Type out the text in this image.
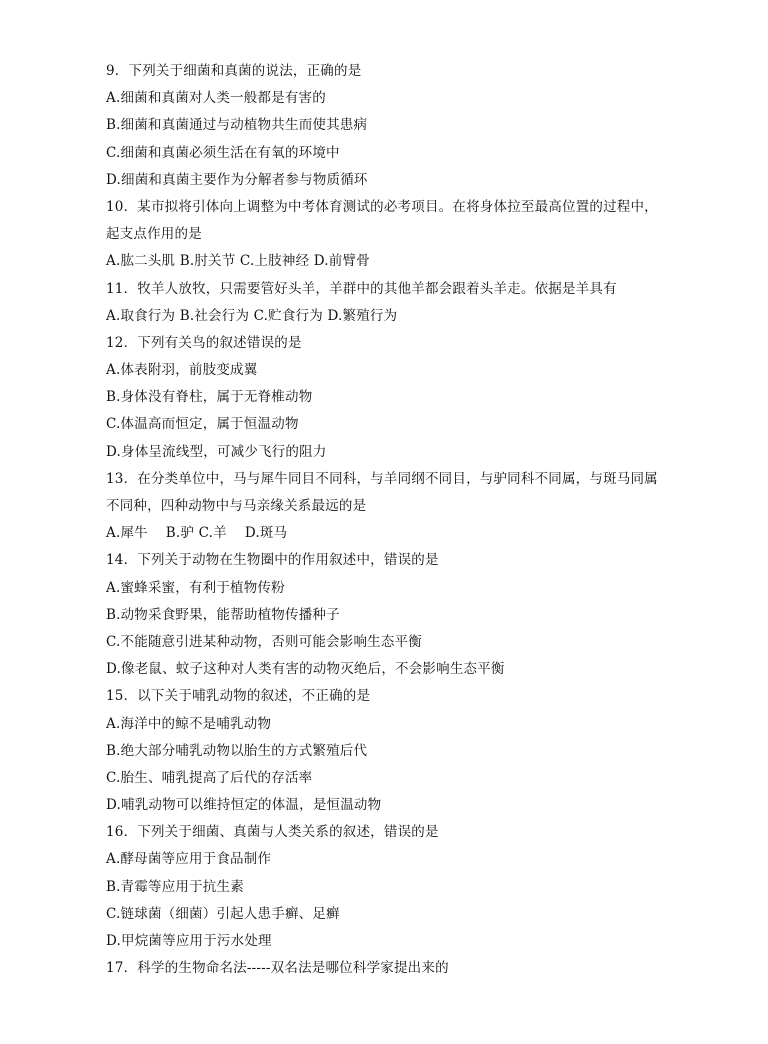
9．下列关于细菌和真菌的说法，正确的是
A.细菌和真菌对人类一般都是有害的
B.细菌和真菌通过与动植物共生而使其患病
C.细菌和真菌必须生活在有氧的环境中
D.细菌和真菌主要作为分解者参与物质循环
10．某市拟将引体向上调整为中考体育测试的必考项目。在将身体拉至最高位置的过程中，
起支点作用的是
A.肱二头肌 B.肘关节 C.上肢神经 D.前臂骨
11．牧羊人放牧，只需要管好头羊，羊群中的其他羊都会跟着头羊走。依据是羊具有
A.取食行为 B.社会行为 C.贮食行为 D.繁殖行为
12．下列有关鸟的叙述错误的是
A.体表附羽，前肢变成翼
B.身体没有脊柱，属于无脊椎动物
C.体温高而恒定，属于恒温动物
D.身体呈流线型，可减少飞行的阻力
13．在分类单位中，马与犀牛同目不同科，与羊同纲不同目，与驴同科不同属，与斑马同属
不同种，四种动物中与马亲缘关系最远的是
A.犀牛    B.驴 C.羊    D.斑马
14．下列关于动物在生物圈中的作用叙述中，错误的是
A.蜜蜂采蜜，有利于植物传粉
B.动物采食野果，能帮助植物传播种子
C.不能随意引进某种动物，否则可能会影响生态平衡
D.像老鼠、蚊子这种对人类有害的动物灭绝后，不会影响生态平衡
15．以下关于哺乳动物的叙述，不正确的是
A.海洋中的鲸不是哺乳动物
B.绝大部分哺乳动物以胎生的方式繁殖后代
C.胎生、哺乳提高了后代的存活率
D.哺乳动物可以维持恒定的体温，是恒温动物
16．下列关于细菌、真菌与人类关系的叙述，错误的是
A.酵母菌等应用于食品制作
B.青霉等应用于抗生素
C.链球菌（细菌）引起人患手癣、足癣
D.甲烷菌等应用于污水处理
17．科学的生物命名法-----双名法是哪位科学家提出来的
